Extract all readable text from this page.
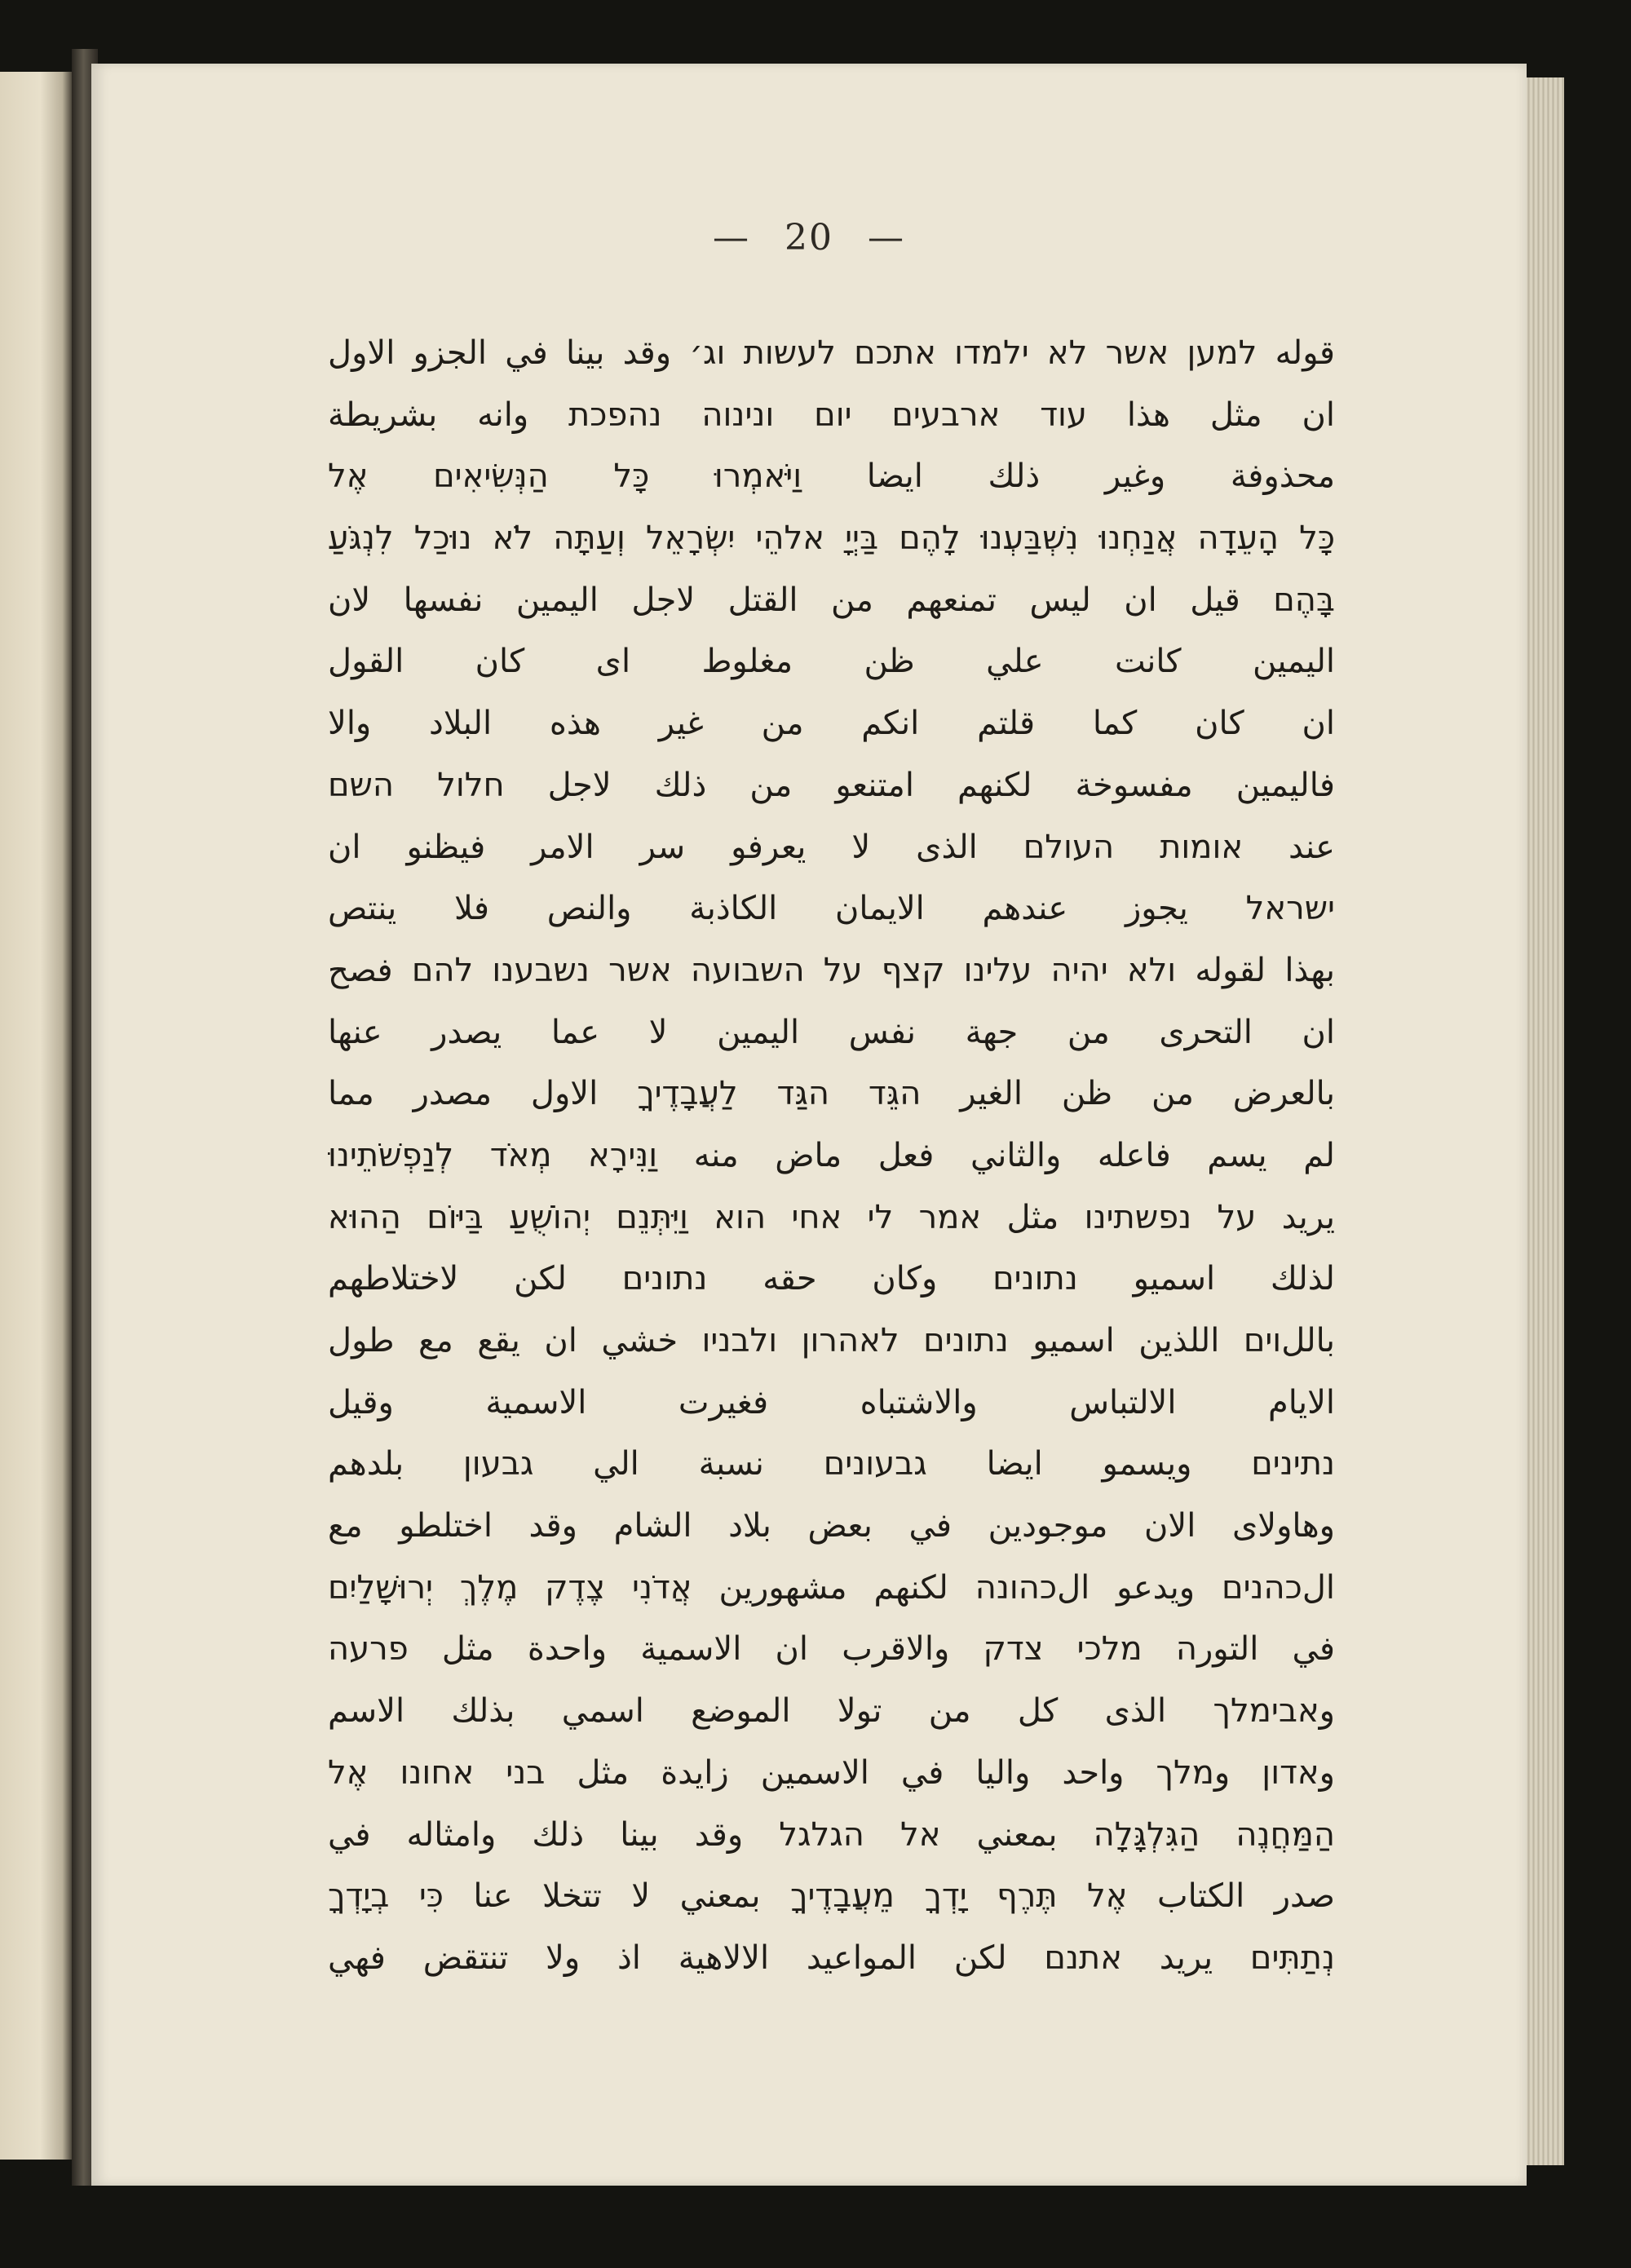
— 20 —
قوله למען אשר לא ילמדו אתכם לעשות וג׳ وقد بينا في الجزو الاول
ان مثل هذا עוד ארבעים יום ונינוה נהפכת وانه بشريطة
محذوفة وغير ذلك ايضا וַיֹּאמְרוּ כָּל הַנְּשִׂיאִים אֶל
כָּל הָעֵדָה אֲנַחְנוּ נִשְׁבַּעְנוּ לָהֶם בַּיְיָ אלהֵי יִשְׂרָאֵל וְעַתָּה לֹא נוּכַל לִנְגֹּעַ
בָּהֶם قيل ان ليس تمنعهم من القتل لاجل اليمين نفسها لان
اليمين كانت علي ظن مغلوط اى كان القول
ان كان كما قلتم انكم من غير هذه البلاد والا
فاليمين مفسوخة لكنهم امتنعو من ذلك لاجل חלול השם
عند אומות העולם الذى لا يعرفو سر الامر فيظنو ان
ישראל يجوز عندهم الايمان الكاذبة والنص فلا ينتص
بهذا لقوله ולא יהיה עלינו קצף על השבועה אשר נשבענו להם فصح
ان التحرى من جهة نفس اليمين لا عما يصدر عنها
بالعرض من ظن الغير הגֵּד הגַּד לַעֲבָדֶיךָ الاول مصدر مما
لم يسم فاعله والثاني فعل ماض منه וַנִּירָא מְאֹד לְנַפְשֹׁתֵינוּ
يريد על נפשתינו مثل אמר לי אחי הוא וַיִּתְּנֵם יְהוֹשֻׁעַ בַּיּוֹם הַהוּא
لذلك اسميو נתונים وكان حقه נתונים لكن لاختلاطهم
باللוים اللذين اسميو נתונים לאהרון ולבניו خشي ان يقع مع طول
الايام الالتباس والاشتباه فغيرت الاسمية وقيل
נתינים ويسمو ايضا גבעונים نسبة الي גבעון بلدهم
وهاولاى الان موجودين في بعض بلاد الشام وقد اختلطو مع
الכהנים ويدعو الכהונה لكنهم مشهورين אֲדֹנִי צֶדֶק מֶלֶךְ יְרוּשָׁלַיִם
في التورה מלכי צדק والاقرب ان الاسمية واحدة مثل פרעה
وאבימלך الذى كل من تولا الموضع اسمي بذلك الاسم
وאדון وמלך واحد واليا في الاسمين زايدة مثل בני אחונו אֶל
הַמַּחֲנֶה הַגִּלְגָּלָה بمعني אל הגלגל وقد بينا ذلك وامثاله في
صدر الكتاب אֶל תֶּרֶף יָדְךָ מֵעֲבָדֶיךָ بمعني لا تتخلا عنا כִּי בְיָדְךָ
נְתַתִּים يريد אתנם لكن المواعيد الالاهية اذ ولا تنتقض فهي
